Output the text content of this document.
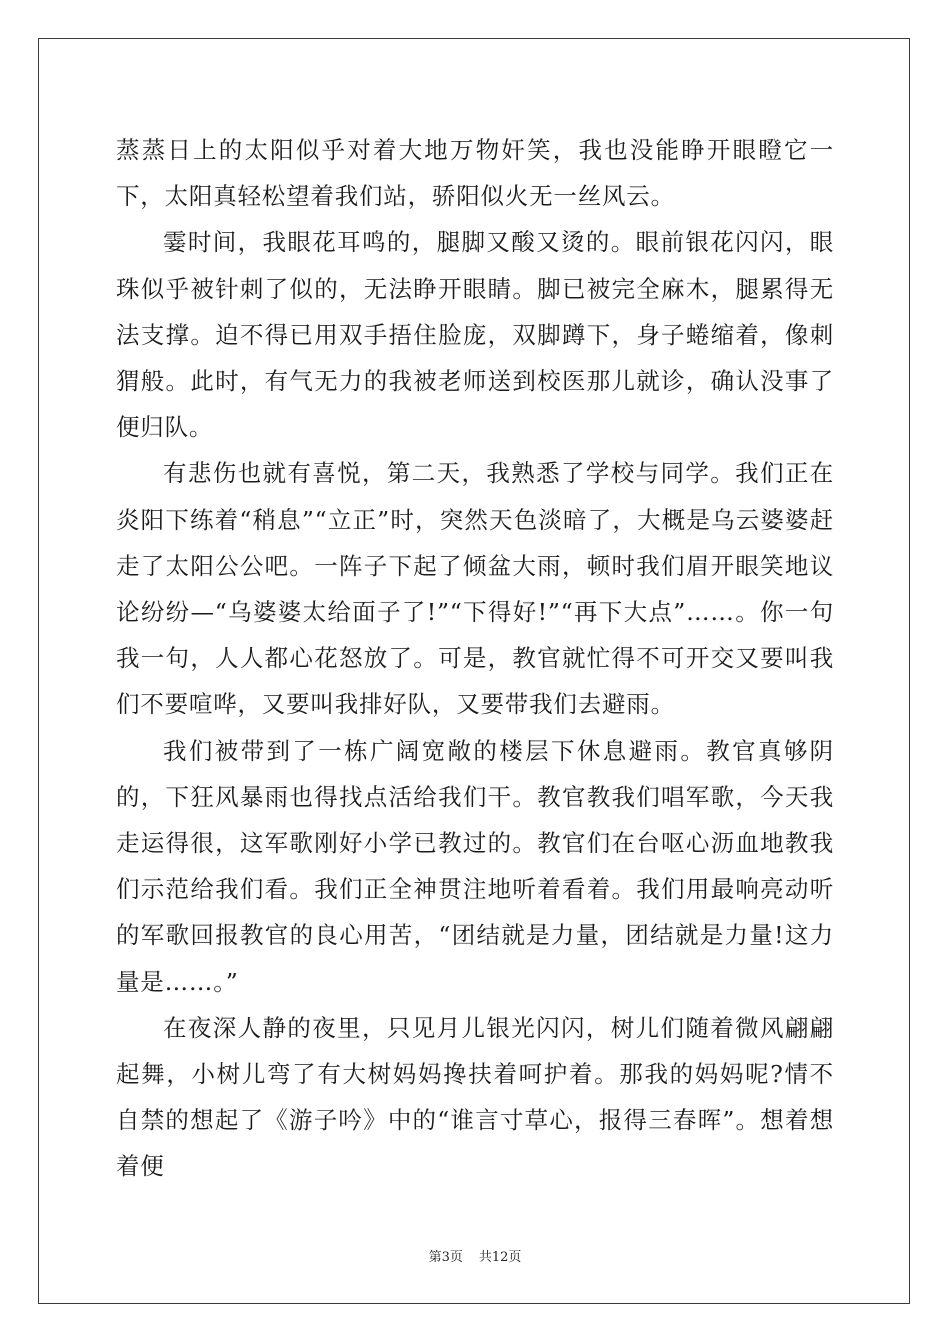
蒸蒸日上的太阳似乎对着大地万物奸笑，我也没能睁开眼瞪它一下，太阳真轻松望着我们站，骄阳似火无一丝风云。

霎时间，我眼花耳鸣的，腿脚又酸又烫的。眼前银花闪闪，眼珠似乎被针刺了似的，无法睁开眼睛。脚已被完全麻木，腿累得无法支撑。迫不得已用双手捂住脸庞，双脚蹲下，身子蜷缩着，像刺猬般。此时，有气无力的我被老师送到校医那儿就诊，确认没事了便归队。

有悲伤也就有喜悦，第二天，我熟悉了学校与同学。我们正在炎阳下练着“稍息”“立正”时，突然天色淡暗了，大概是乌云婆婆赶走了太阳公公吧。一阵子下起了倾盆大雨，顿时我们眉开眼笑地议论纷纷—“乌婆婆太给面子了!”“下得好!”“再下大点”……。你一句我一句，人人都心花怒放了。可是，教官就忙得不可开交又要叫我们不要喧哗，又要叫我排好队，又要带我们去避雨。

我们被带到了一栋广阔宽敞的楼层下休息避雨。教官真够阴的，下狂风暴雨也得找点活给我们干。教官教我们唱军歌，今天我走运得很，这军歌刚好小学已教过的。教官们在台呕心沥血地教我们示范给我们看。我们正全神贯注地听着看着。我们用最响亮动听的军歌回报教官的良心用苦，“团结就是力量，团结就是力量!这力量是……。”

在夜深人静的夜里，只见月儿银光闪闪，树儿们随着微风翩翩起舞，小树儿弯了有大树妈妈搀扶着呵护着。那我的妈妈呢?情不自禁的想起了《游子吟》中的“谁言寸草心，报得三春晖”。想着想着便

第3页 共12页
